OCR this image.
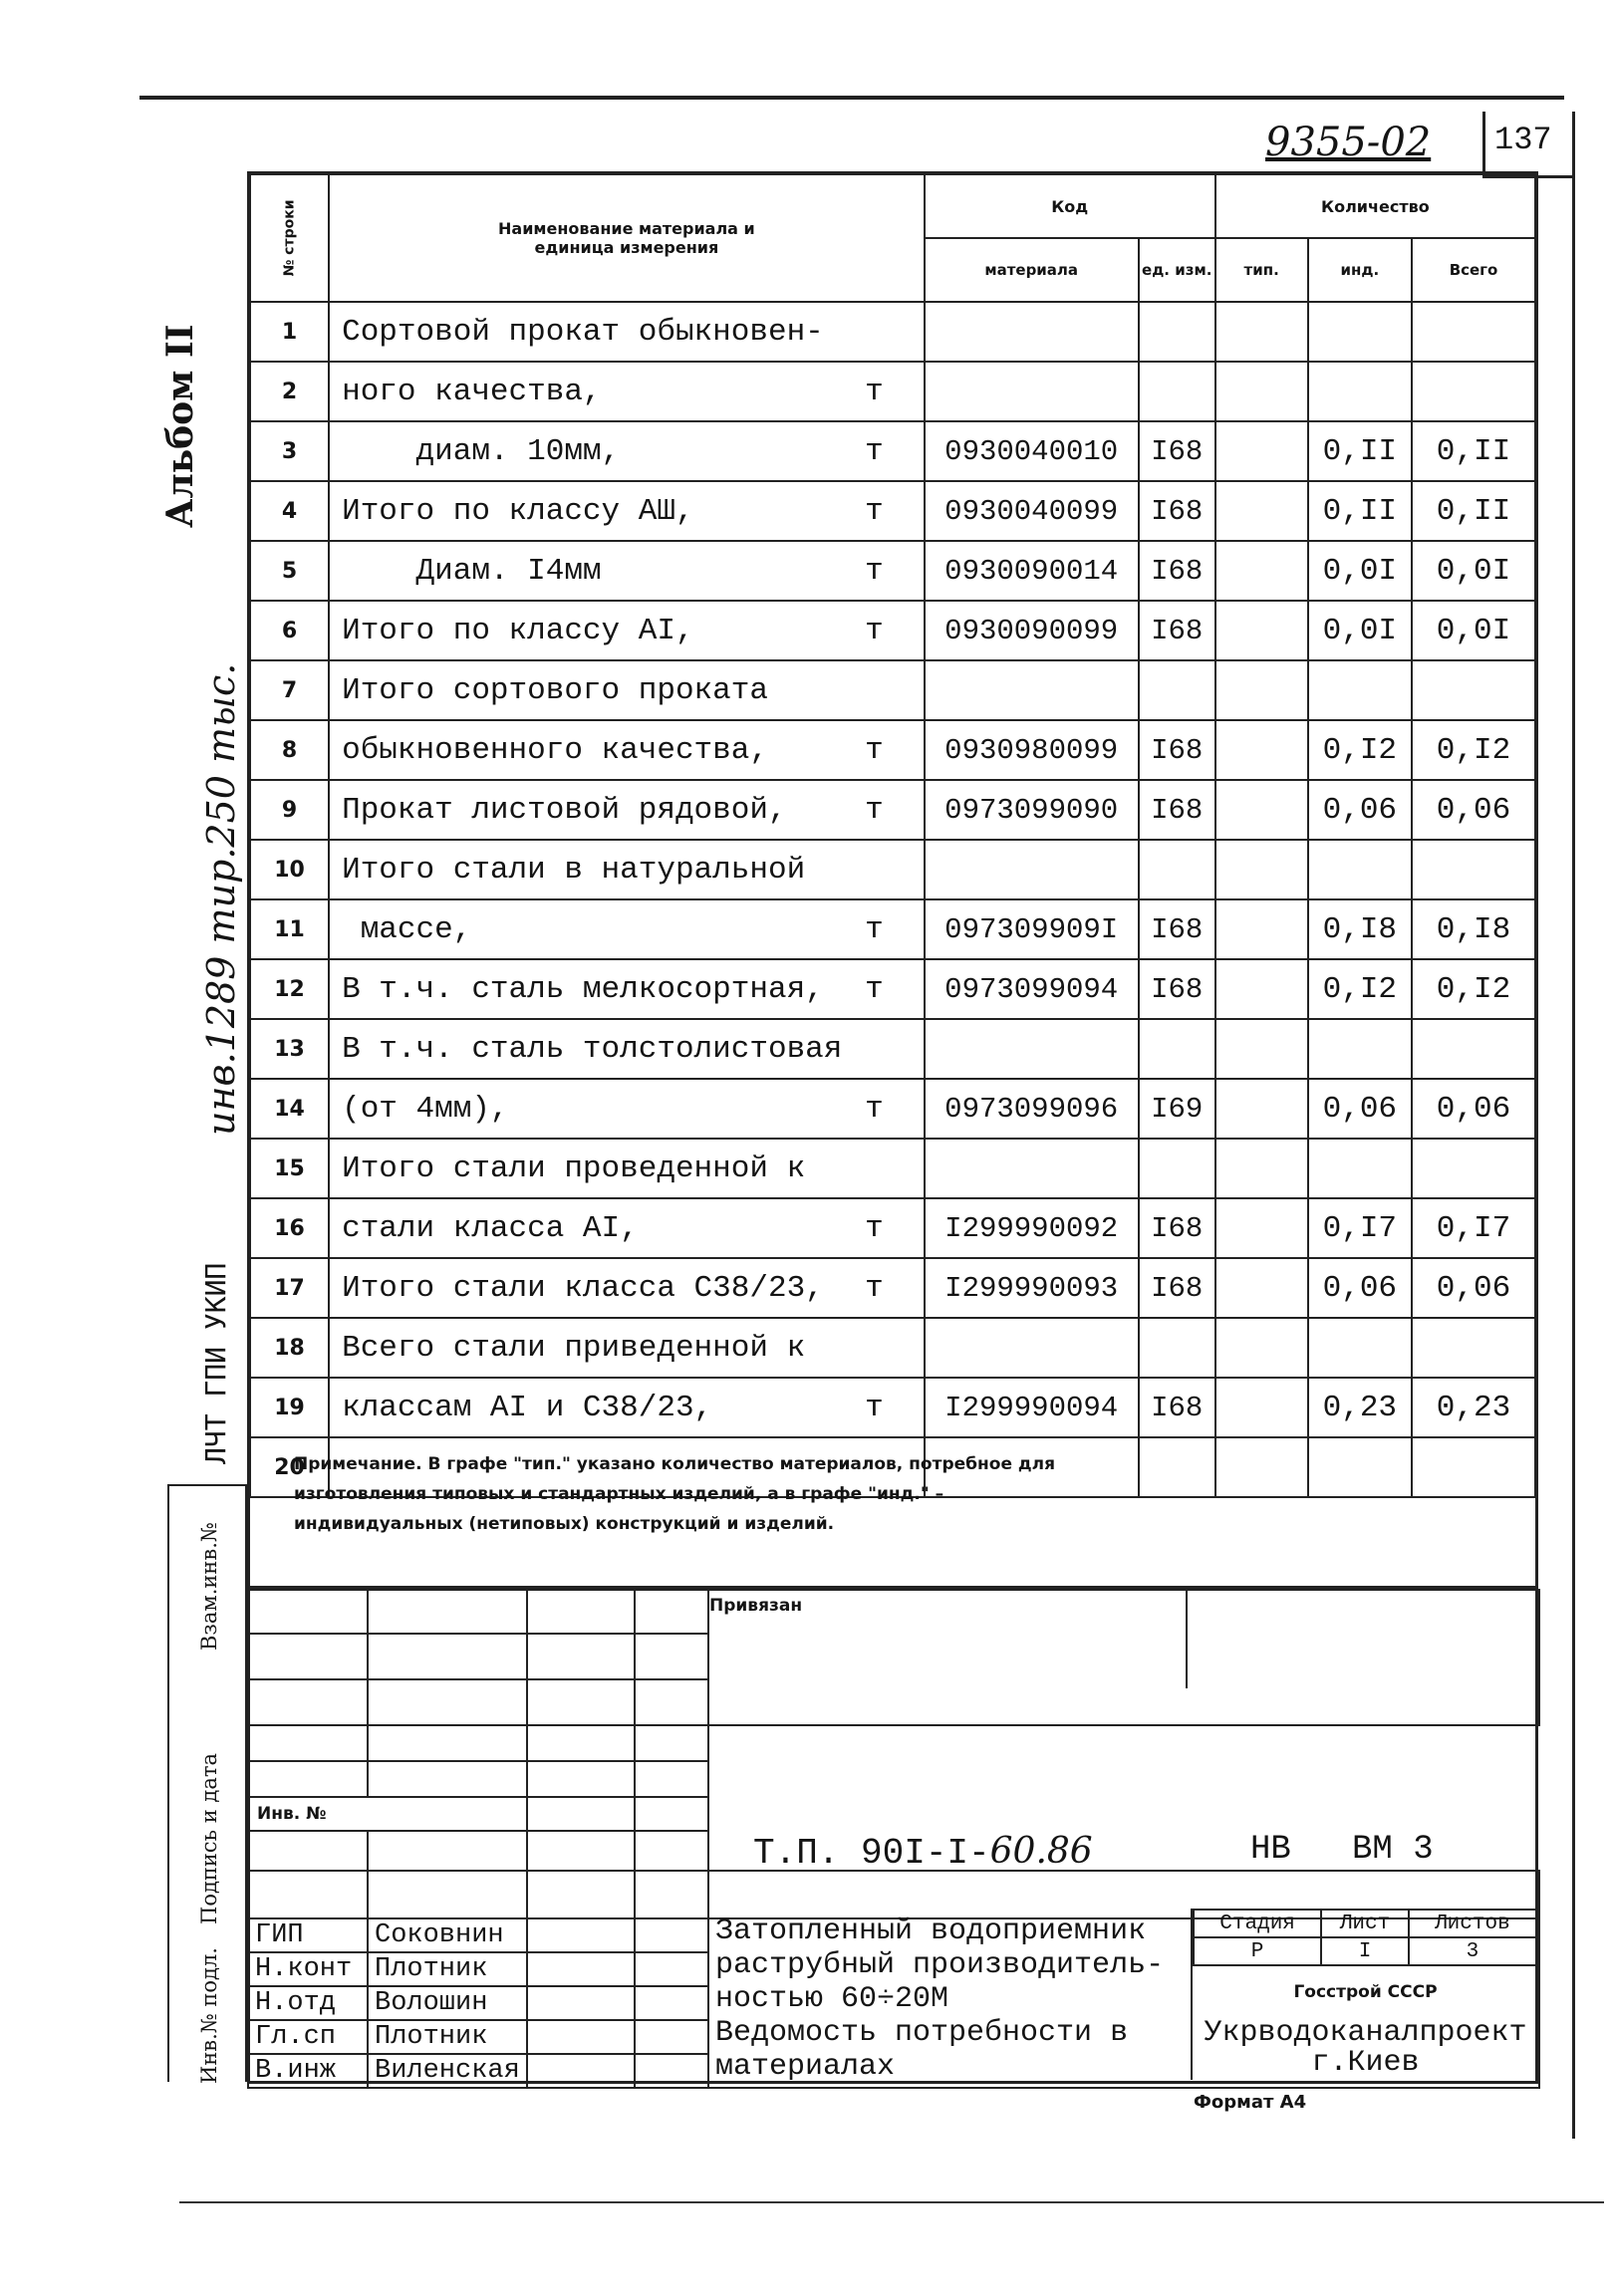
137
9355-02
Альбом II
ЛЧТ ГПИ УКИП
инв.1289 тир.250 тыс.
№ строки	Наименование материала и единица измерения	Код		Количество		
		материала	ед. изм.	тип.	инд.	Всего
1	Сортовой прокат обыкновен-

2	ного качества, т					

3	диам. 10мм, т	0930040010	I68		0,II	0,II
4	Итого по классу АШ, т	0930040099	I68		0,II	0,II
5	Диам. I4мм т	0930090014	I68		0,0I	0,0I
6	Итого по классу АI, т	0930090099	I68		0,0I	0,0I
7	Итого сортового проката

8	обыкновенного качества, т	0930980099	I68		0,I2	0,I2
9	Прокат листовой рядовой, т	0973099090	I68		0,06	0,06
10	Итого стали в натуральной

11	массе, т	097309909I	I68		0,I8	0,I8
12	В т.ч. сталь мелкосортная, т	0973099094	I68		0,I2	0,I2
13	В т.ч. сталь толстолистовая

14	(от 4мм), т	0973099096	I69		0,06	0,06
15	Итого стали проведенной к

16	стали класса АI, т	I299990092	I68		0,I7	0,I7
17	Итого стали класса С38/23, т	I299990093	I68		0,06	0,06
18	Всего стали приведенной к

19	классам АI и С38/23, т	I299990094	I68		0,23	0,23
20	

Примечание. В графе "тип." указано количество материалов, потребное для изготовления типовых и стандартных изделий, а в графе "инд." – индивидуальных (нетиповых) конструкций и изделий.
Взам.инв.№
Подпись и дата
Инв.№ подл.

Инв. №				

ГИП	Соковнин			
Н.конт	Плотник			
Н.отд	Волошин			
Гл.сп	Плотник			
В.инж	Виленская			
Привязан
Т.П. 90I-I-60.86	НВ ВМ 3
Затопленный водоприемник
раструбный производитель-
ностью 60÷20М
Ведомость потребности в
материалах
Стадия	Лист	Листов
Р	I	3
Госстрой СССР
Укрводоканалпроект
г.Киев
Формат А4
